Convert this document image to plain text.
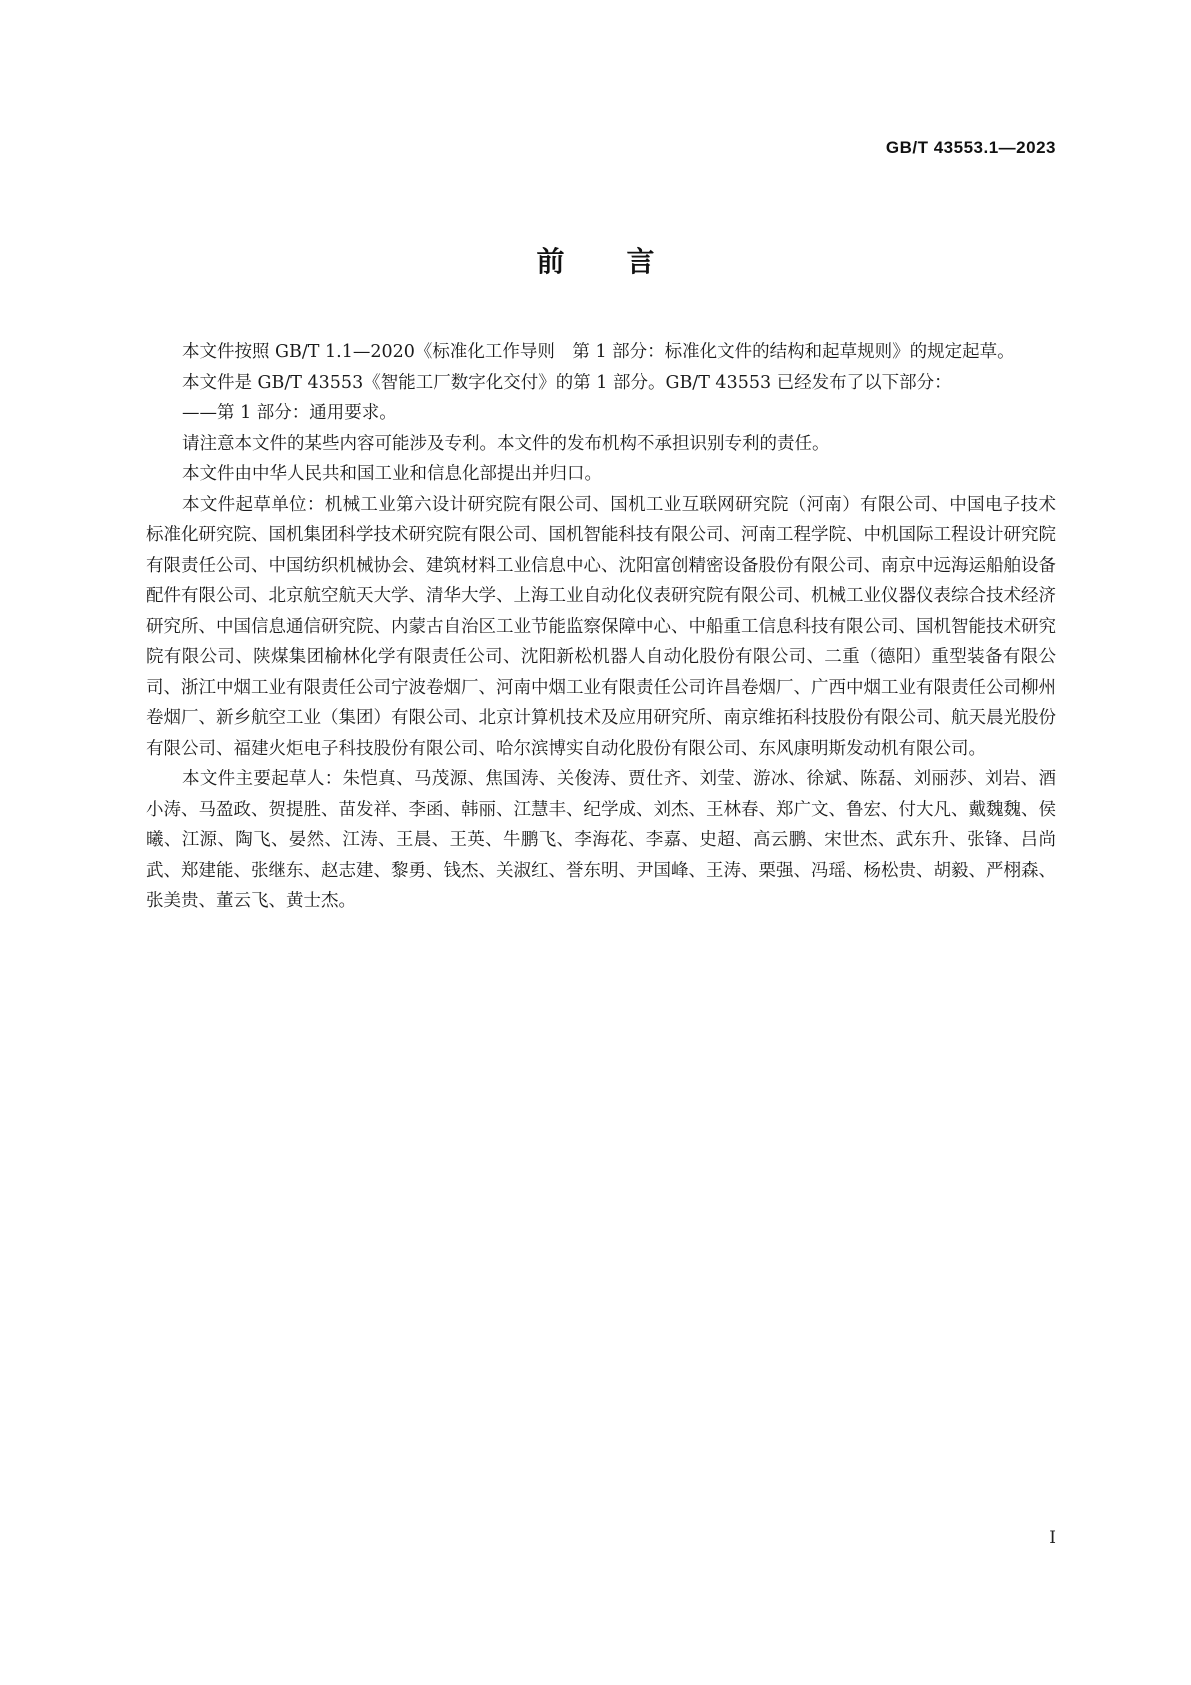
GB/T 43553.1—2023
前言

本文件按照 GB/T 1.1—2020《标准化工作导则　第 1 部分：标准化文件的结构和起草规则》的规定起草。

本文件是 GB/T 43553《智能工厂数字化交付》的第 1 部分。GB/T 43553 已经发布了以下部分：

——第 1 部分：通用要求。

请注意本文件的某些内容可能涉及专利。本文件的发布机构不承担识别专利的责任。

本文件由中华人民共和国工业和信息化部提出并归口。

本文件起草单位：机械工业第六设计研究院有限公司、国机工业互联网研究院（河南）有限公司、中国电子技术标准化研究院、国机集团科学技术研究院有限公司、国机智能科技有限公司、河南工程学院、中机国际工程设计研究院有限责任公司、中国纺织机械协会、建筑材料工业信息中心、沈阳富创精密设备股份有限公司、南京中远海运船舶设备配件有限公司、北京航空航天大学、清华大学、上海工业自动化仪表研究院有限公司、机械工业仪器仪表综合技术经济研究所、中国信息通信研究院、内蒙古自治区工业节能监察保障中心、中船重工信息科技有限公司、国机智能技术研究院有限公司、陕煤集团榆林化学有限责任公司、沈阳新松机器人自动化股份有限公司、二重（德阳）重型装备有限公司、浙江中烟工业有限责任公司宁波卷烟厂、河南中烟工业有限责任公司许昌卷烟厂、广西中烟工业有限责任公司柳州卷烟厂、新乡航空工业（集团）有限公司、北京计算机技术及应用研究所、南京维拓科技股份有限公司、航天晨光股份有限公司、福建火炬电子科技股份有限公司、哈尔滨博实自动化股份有限公司、东风康明斯发动机有限公司。

本文件主要起草人：朱恺真、马茂源、焦国涛、关俊涛、贾仕齐、刘莹、游冰、徐斌、陈磊、刘丽莎、刘岩、酒小涛、马盈政、贺提胜、苗发祥、李函、韩丽、江慧丰、纪学成、刘杰、王林春、郑广文、鲁宏、付大凡、戴魏魏、侯曦、江源、陶飞、晏然、江涛、王晨、王英、牛鹏飞、李海花、李嘉、史超、高云鹏、宋世杰、武东升、张锋、吕尚武、郑建能、张继东、赵志建、黎勇、钱杰、关淑红、誉东明、尹国峰、王涛、栗强、冯瑶、杨松贵、胡毅、严栩森、张美贵、董云飞、黄士杰。

I
